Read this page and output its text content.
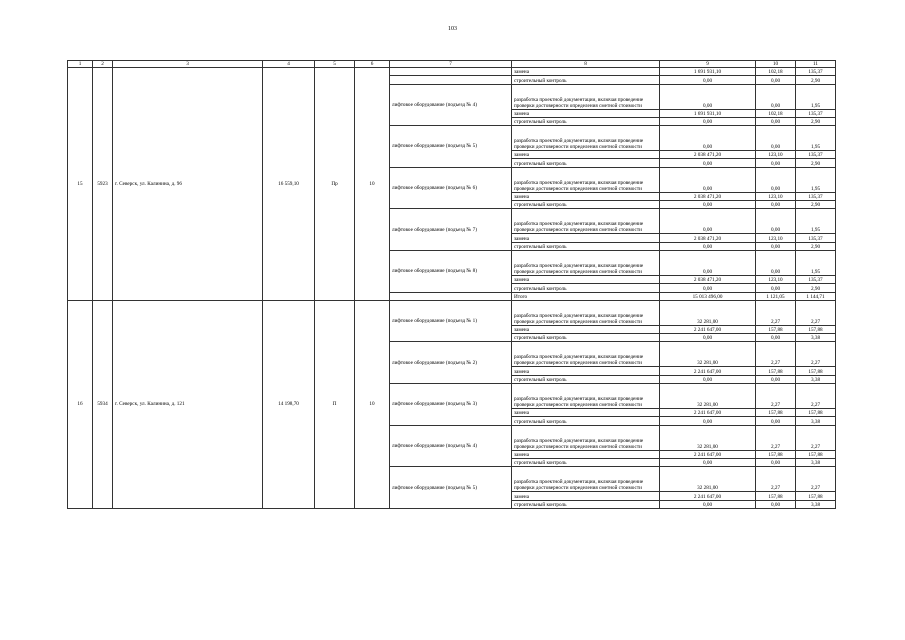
103
1	2	3	4	5	6	7	8	9	10	11
15	5923	г. Северск, ул. Калинина, д. 96	16 559,10	Пр	10		замена	1 691 931,10	102,18	135,37
							строительный контроль	0,00	0,00	2,90
						лифтовое оборудование (подъезд № 4)	разработка проектной документации, включая проведение проверки достоверности определения сметной стоимости	0,00	0,00	1,95
							замена	1 691 931,10	102,18	135,37
							строительный контроль	0,00	0,00	2,90
						лифтовое оборудование (подъезд № 5)	разработка проектной документации, включая проведение проверки достоверности определения сметной стоимости	0,00	0,00	1,95
							замена	2 038 471,20	123,10	135,37
							строительный контроль	0,00	0,00	2,90
						лифтовое оборудование (подъезд № 6)	разработка проектной документации, включая проведение проверки достоверности определения сметной стоимости	0,00	0,00	1,95
							замена	2 038 471,20	123,10	135,37
							строительный контроль	0,00	0,00	2,90
						лифтовое оборудование (подъезд № 7)	разработка проектной документации, включая проведение проверки достоверности определения сметной стоимости	0,00	0,00	1,95
							замена	2 038 471,20	123,10	135,37
							строительный контроль	0,00	0,00	2,90
						лифтовое оборудование (подъезд № 8)	разработка проектной документации, включая проведение проверки достоверности определения сметной стоимости	0,00	0,00	1,95
							замена	2 038 471,20	123,10	135,37
							строительный контроль	0,00	0,00	2,90
							Итого	15 013 496,00	1 121,05	1 144,71
16	5934	г. Северск, ул. Калинина, д. 121	14 198,70	П	10	лифтовое оборудование (подъезд № 1)	разработка проектной документации, включая проведение проверки достоверности определения сметной стоимости	32 281,00	2,27	2,27
							замена	2 241 647,00	157,88	157,88
							строительный контроль	0,00	0,00	3,38
						лифтовое оборудование (подъезд № 2)	разработка проектной документации, включая проведение проверки достоверности определения сметной стоимости	32 281,00	2,27	2,27
							замена	2 241 647,00	157,88	157,88
							строительный контроль	0,00	0,00	3,38
						лифтовое оборудование (подъезд № 3)	разработка проектной документации, включая проведение проверки достоверности определения сметной стоимости	32 281,00	2,27	2,27
							замена	2 241 647,00	157,88	157,88
							строительный контроль	0,00	0,00	3,38
						лифтовое оборудование (подъезд № 4)	разработка проектной документации, включая проведение проверки достоверности определения сметной стоимости	32 281,00	2,27	2,27
							замена	2 241 647,00	157,88	157,88
							строительный контроль	0,00	0,00	3,38
						лифтовое оборудование (подъезд № 5)	разработка проектной документации, включая проведение проверки достоверности определения сметной стоимости	32 281,00	2,27	2,27
							замена	2 241 647,00	157,88	157,88
							строительный контроль	0,00	0,00	3,38
